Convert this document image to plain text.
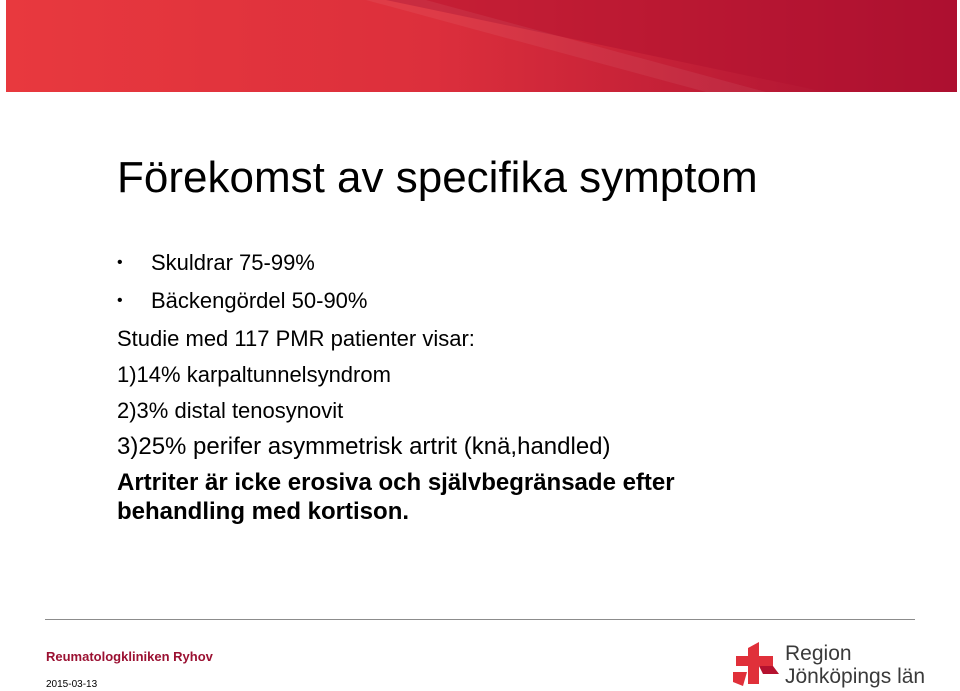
Förekomst av specifika symptom
• Skuldrar 75-99%
• Bäckengördel 50-90%
Studie med 117 PMR patienter visar:
1)14% karpaltunnelsyndrom
2)3% distal tenosynovit
3)25% perifer asymmetrisk artrit (knä,handled)
Artriter är icke erosiva och självbegränsade efter behandling med kortison.
Reumatologkliniken Ryhov
2015-03-13
Region
Jönköpings län
